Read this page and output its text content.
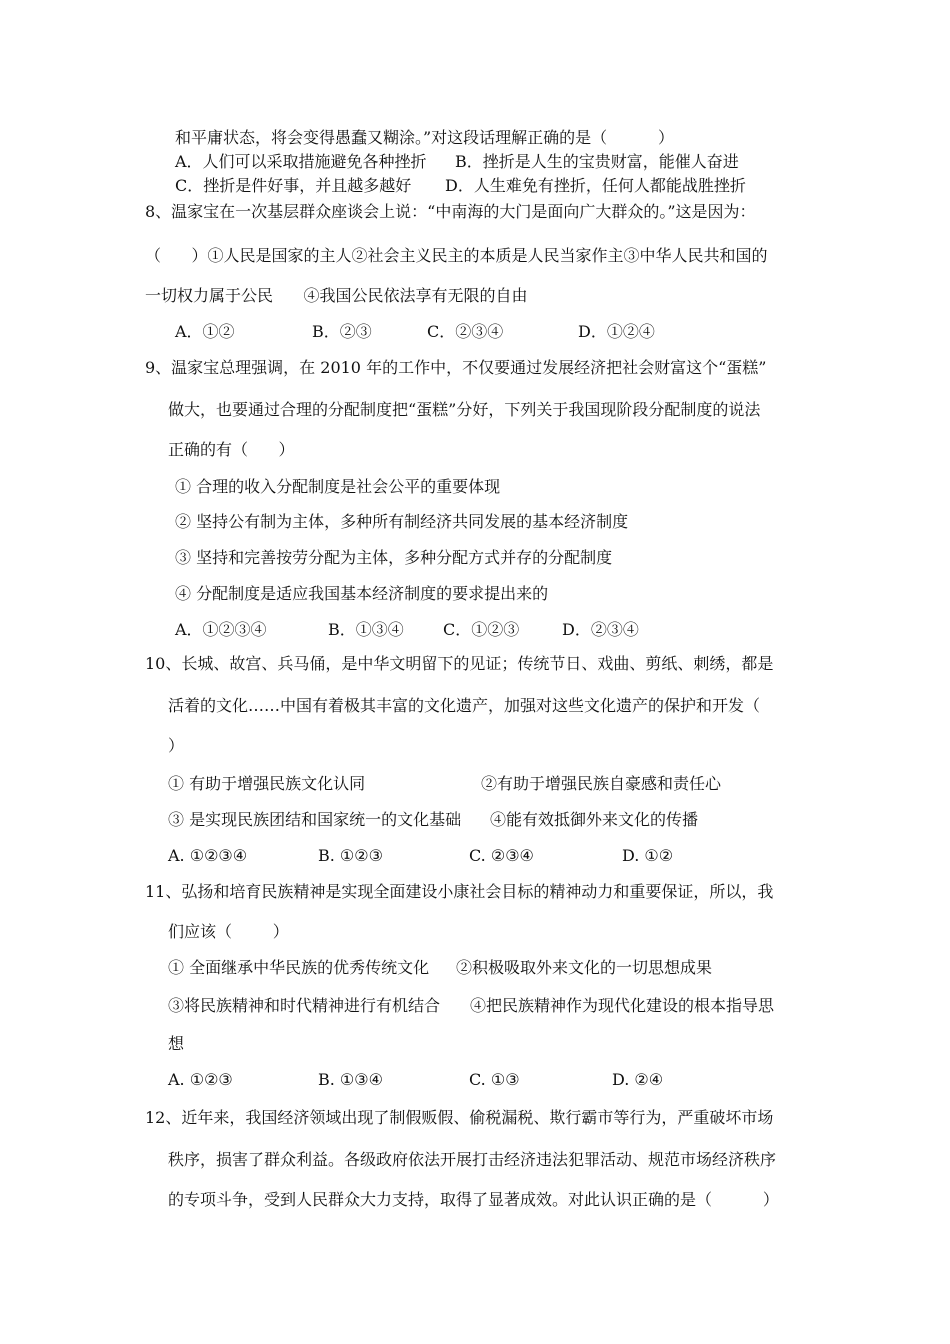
和平庸状态，将会变得愚蠢又糊涂。”对这段话理解正确的是（          ）
A．人们可以采取措施避免各种挫折 B．挫折是人生的宝贵财富，能催人奋进
C．挫折是件好事，并且越多越好 D．人生难免有挫折，任何人都能战胜挫折
8、温家宝在一次基层群众座谈会上说：“中南海的大门是面向广大群众的。”这是因为：
（      ）①人民是国家的主人②社会主义民主的本质是人民当家作主③中华人民共和国的
一切权力属于公民      ④我国公民依法享有无限的自由
A．①②	B．②③	C．②③④	D．①②④
9、温家宝总理强调，在 2010 年的工作中，不仅要通过发展经济把社会财富这个“蛋糕”
做大，也要通过合理的分配制度把“蛋糕”分好，下列关于我国现阶段分配制度的说法
正确的有（      ）
① 合理的收入分配制度是社会公平的重要体现
② 坚持公有制为主体，多种所有制经济共同发展的基本经济制度
③ 坚持和完善按劳分配为主体，多种分配方式并存的分配制度
④ 分配制度是适应我国基本经济制度的要求提出来的
A．①②③④	B．①③④ C．①②③	D．②③④
10、长城、故宫、兵马俑，是中华文明留下的见证；传统节日、戏曲、剪纸、刺绣，都是
活着的文化……中国有着极其丰富的文化遗产，加强对这些文化遗产的保护和开发（
）
① 有助于增强民族文化认同	②有助于增强民族自豪感和责任心
③ 是实现民族团结和国家统一的文化基础 ④能有效抵御外来文化的传播
A. ①②③④	B. ①②③	C. ②③④	D. ①②
11、弘扬和培育民族精神是实现全面建设小康社会目标的精神动力和重要保证，所以，我
们应该（        ）
① 全面继承中华民族的优秀传统文化 ②积极吸取外来文化的一切思想成果
③将民族精神和时代精神进行有机结合 ④把民族精神作为现代化建设的根本指导思
想
A. ①②③	B. ①③④	C. ①③	D. ②④
12、近年来，我国经济领域出现了制假贩假、偷税漏税、欺行霸市等行为，严重破坏市场
秩序，损害了群众利益。各级政府依法开展打击经济违法犯罪活动、规范市场经济秩序
的专项斗争，受到人民群众大力支持，取得了显著成效。对此认识正确的是（          ）
